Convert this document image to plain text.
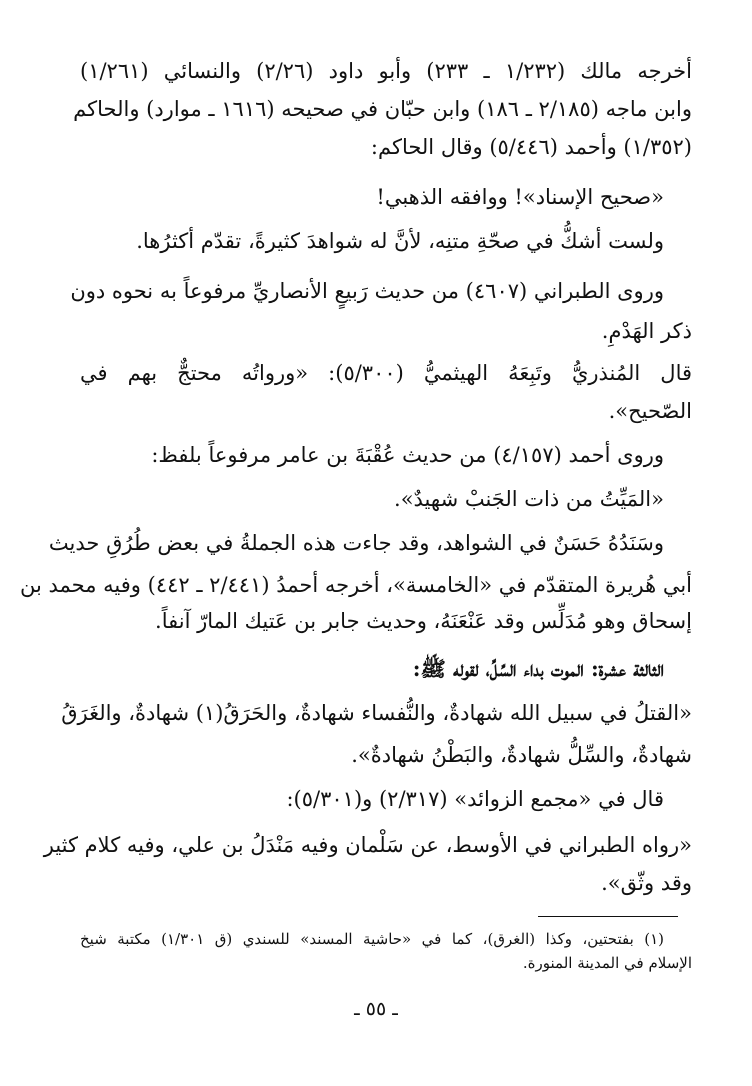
أخرجه مالك (١/٢٣٢ ـ ٢٣٣) وأبو داود (٢/٢٦) والنسائي (١/٢٦١)
وابن ماجه (٢/١٨٥ ـ ١٨٦) وابن حبّان في صحيحه (١٦١٦ ـ موارد) والحاكم
(١/٣٥٢) وأحمد (٥/٤٤٦) وقال الحاكم:
«صحيح الإسناد»! ووافقه الذهبي!
ولست أشكُّ في صحّةِ متنِه، لأنَّ له شواهدَ كثيرةً، تقدّم أكثرُها.
وروى الطبراني (٤٦٠٧) من حديث رَبيعٍ الأنصاريِّ مرفوعاً به نحوه دون
ذكر الهَدْمِ.
قال المُنذريُّ وتَبِعَهُ الهيثميُّ (٥/٣٠٠): «ورواتُه محتجٌّ بهم في
الصّحيح».
وروى أحمد (٤/١٥٧) من حديث عُقْبَةَ بن عامر مرفوعاً بلفظ:
«المَيِّتُ من ذات الجَنبْ شهيدٌ».
وسَنَدُهُ حَسَنٌ في الشواهد، وقد جاءت هذه الجملةُ في بعض طُرُقِ حديث
أبي هُريرة المتقدّم في «الخامسة»، أخرجه أحمدُ (٢/٤٤١ ـ ٤٤٢) وفيه محمد بن
إسحاق وهو مُدَلِّس وقد عَنْعَنَهُ، وحديث جابر بن عَتيك المارّ آنفاً.
الثالثة عشرة: الموت بداء السِّلِّ، لقوله ﷺ:
«القتلُ في سبيل الله شهادةٌ، والنُّفساء شهادةٌ، والحَرَقُ(١) شهادةٌ، والغَرَقُ
شهادةٌ، والسِّلُّ شهادةٌ، والبَطْنُ شهادةٌ».
قال في «مجمع الزوائد» (٢/٣١٧) و(٥/٣٠١):
«رواه الطبراني في الأوسط، عن سَلْمان وفيه مَنْدَلُ بن علي، وفيه كلام كثير
وقد وثّق».
(١) بفتحتين، وكذا (الغرق)، كما في «حاشية المسند» للسندي (ق ١/٣٠١) مكتبة شيخ
الإسلام في المدينة المنورة.
ـ ٥٥ ـ
